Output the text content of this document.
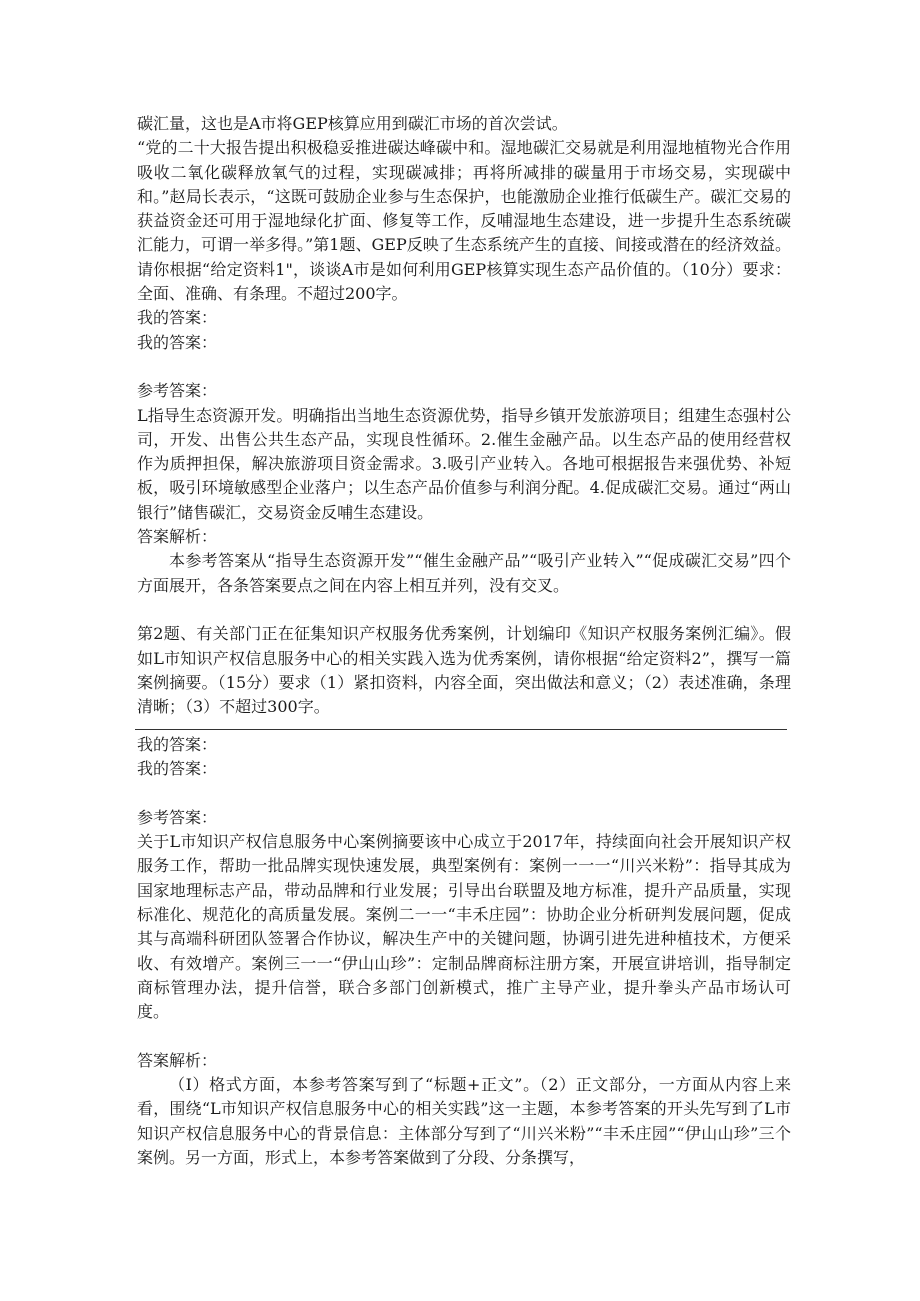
碳汇量，这也是A市将GEP核算应用到碳汇市场的首次尝试。

“党的二十大报告提出积极稳妥推进碳达峰碳中和。湿地碳汇交易就是利用湿地植物光合作用吸收二氧化碳释放氧气的过程，实现碳减排；再将所减排的碳量用于市场交易，实现碳中和。”赵局长表示，“这既可鼓励企业参与生态保护，也能激励企业推行低碳生产。碳汇交易的获益资金还可用于湿地绿化扩面、修复等工作，反哺湿地生态建设，进一步提升生态系统碳汇能力，可谓一举多得。”第1题、GEP反映了生态系统产生的直接、间接或潜在的经济效益。请你根据“给定资料1"，谈谈A市是如何利用GEP核算实现生态产品价值的。（10分）要求：全面、准确、有条理。不超过200字。

我的答案：

我的答案：

参考答案：

L指导生态资源开发。明确指出当地生态资源优势，指导乡镇开发旅游项目；组建生态强村公司，开发、出售公共生态产品，实现良性循环。2.催生金融产品。以生态产品的使用经营权作为质押担保，解决旅游项目资金需求。3.吸引产业转入。各地可根据报告来强优势、补短板，吸引环境敏感型企业落户；以生态产品价值参与利润分配。4.促成碳汇交易。通过“两山银行”储售碳汇，交易资金反哺生态建设。

答案解析：

本参考答案从“指导生态资源开发”“催生金融产品”“吸引产业转入”“促成碳汇交易”四个方面展开，各条答案要点之间在内容上相互并列，没有交叉。

第2题、有关部门正在征集知识产权服务优秀案例，计划编印《知识产权服务案例汇编》。假如L市知识产权信息服务中心的相关实践入选为优秀案例，请你根据“给定资料2”，撰写一篇案例摘要。（15分）要求（1）紧扣资料，内容全面，突出做法和意义；（2）表述准确，条理清晰；（3）不超过300字。

我的答案：

我的答案：

参考答案：

关于L市知识产权信息服务中心案例摘要该中心成立于2017年，持续面向社会开展知识产权服务工作，帮助一批品牌实现快速发展，典型案例有：案例一一一“川兴米粉”：指导其成为国家地理标志产品，带动品牌和行业发展；引导出台联盟及地方标准，提升产品质量，实现标准化、规范化的高质量发展。案例二一一“丰禾庄园”：协助企业分析研判发展问题，促成其与高端科研团队签署合作协议，解决生产中的关键问题，协调引进先进种植技术，方便采收、有效增产。案例三一一“伊山山珍”：定制品牌商标注册方案，开展宣讲培训，指导制定商标管理办法，提升信誉，联合多部门创新模式，推广主导产业，提升拳头产品市场认可度。

答案解析：

（I）格式方面，本参考答案写到了“标题+正文”。（2）正文部分，一方面从内容上来看，围绕“L市知识产权信息服务中心的相关实践”这一主题，本参考答案的开头先写到了L市知识产权信息服务中心的背景信息：主体部分写到了“川兴米粉”“丰禾庄园”“伊山山珍”三个案例。另一方面，形式上，本参考答案做到了分段、分条撰写，
